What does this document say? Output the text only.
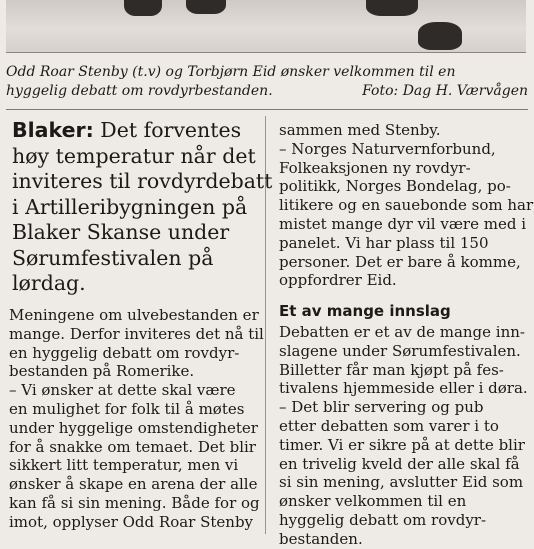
Odd Roar Stenby (t.v) og Torbjørn Eid ønsker velkommen til en
hyggelig debatt om rovdyrbestanden.	Foto: Dag H. Værvågen
Blaker: Det forventes
høy temperatur når det
inviteres til rovdyrdebatt
i Artilleribygningen på
Blaker Skanse under
Sørumfestivalen på
lørdag.
Meningene om ulvebestanden er
mange. Derfor inviteres det nå til
en hyggelig debatt om rovdyr-
bestanden på Romerike.
– Vi ønsker at dette skal være
en mulighet for folk til å møtes
under hyggelige omstendigheter
for å snakke om temaet. Det blir
sikkert litt temperatur, men vi
ønsker å skape en arena der alle
kan få si sin mening. Både for og
imot, opplyser Odd Roar Stenby
sammen med Stenby.
– Norges Naturvernforbund,
Folkeaksjonen ny rovdyr-
politikk, Norges Bondelag, po-
litikere og en sauebonde som har
mistet mange dyr vil være med i
panelet. Vi har plass til 150
personer. Det er bare å komme,
oppfordrer Eid.
Et av mange innslag
Debatten er et av de mange inn-
slagene under Sørumfestivalen.
Billetter får man kjøpt på fes-
tivalens hjemmeside eller i døra.
– Det blir servering og pub
etter debatten som varer i to
timer. Vi er sikre på at dette blir
en trivelig kveld der alle skal få
si sin mening, avslutter Eid som
ønsker velkommen til en
hyggelig debatt om rovdyr-
bestanden.
